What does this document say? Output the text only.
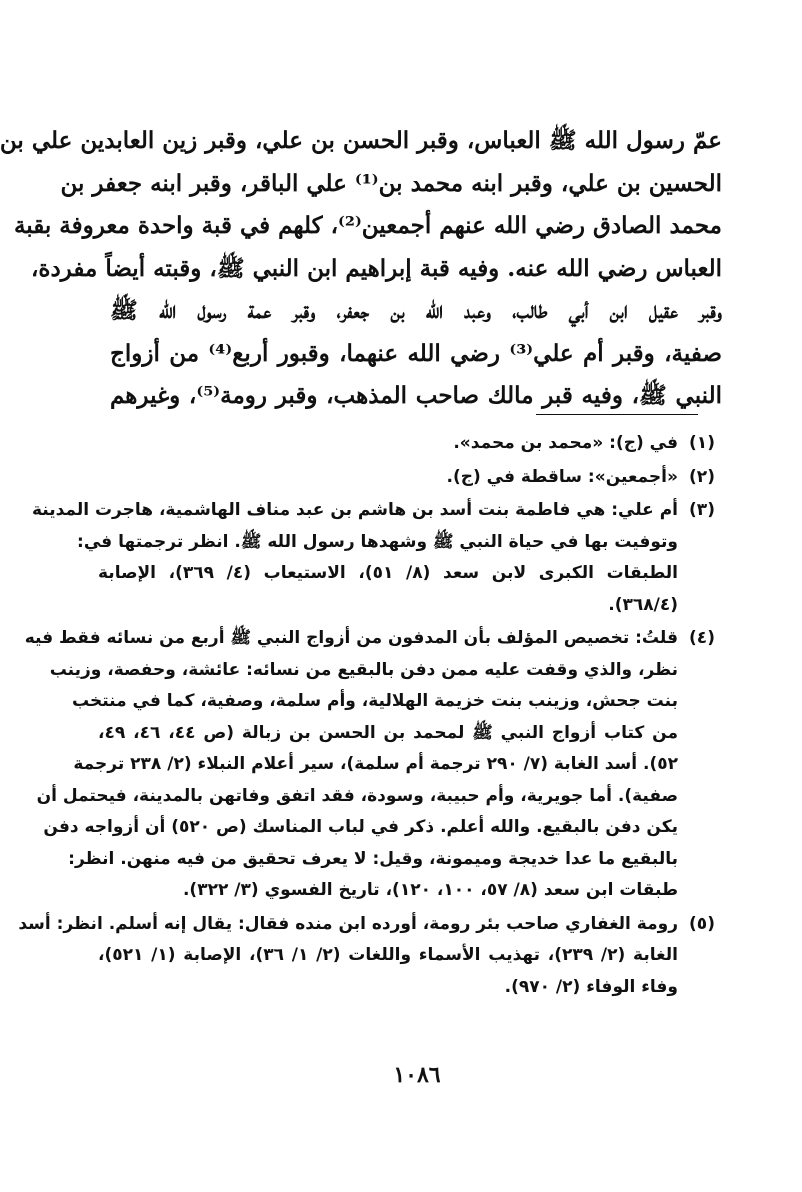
عمّ رسول الله ﷺ العباس، وقبر الحسن بن علي، وقبر زين العابدين علي بن
الحسين بن علي، وقبر ابنه محمد بن⁽¹⁾ علي الباقر، وقبر ابنه جعفر بن
محمد الصادق رضي الله عنهم أجمعين⁽²⁾، كلهم في قبة واحدة معروفة بقبة
العباس رضي الله عنه. وفيه قبة إبراهيم ابن النبي ﷺ، وقبته أيضاً مفردة،
وقبر عقيل ابن أبي طالب، وعبد الله بن جعفر، وقبر عمة رسول الله ﷺ
صفية، وقبر أم علي⁽³⁾ رضي الله عنهما، وقبور أربع⁽⁴⁾ من أزواج
النبي ﷺ، وفيه قبر مالك صاحب المذهب، وقبر رومة⁽⁵⁾، وغيرهم
(١)
في (ج): «محمد بن محمد».
(٢)
«أجمعين»: ساقطة في (ج).
(٣)
أم علي: هي فاطمة بنت أسد بن هاشم بن عبد مناف الهاشمية، هاجرت المدينة
وتوفيت بها في حياة النبي ﷺ وشهدها رسول الله ﷺ. انظر ترجمتها في:
الطبقات الكبرى لابن سعد (٨/ ٥١)، الاستيعاب (٤/ ٣٦٩)، الإصابة
(٣٦٨/٤).
(٤)
قلتُ: تخصيص المؤلف بأن المدفون من أزواج النبي ﷺ أربع من نسائه فقط فيه
نظر، والذي وقفت عليه ممن دفن بالبقيع من نسائه: عائشة، وحفصة، وزينب
بنت جحش، وزينب بنت خزيمة الهلالية، وأم سلمة، وصفية، كما في منتخب
من كتاب أزواج النبي ﷺ لمحمد بن الحسن بن زبالة (ص ٤٤، ٤٦، ٤٩،
٥٢). أسد الغابة (٧/ ٢٩٠ ترجمة أم سلمة)، سير أعلام النبلاء (٢/ ٢٣٨ ترجمة
صفية). أما جويرية، وأم حبيبة، وسودة، فقد اتفق وفاتهن بالمدينة، فيحتمل أن
يكن دفن بالبقيع. والله أعلم. ذكر في لباب المناسك (ص ٥٢٠) أن أزواجه دفن
بالبقيع ما عدا خديجة وميمونة، وقيل: لا يعرف تحقيق من فيه منهن. انظر:
طبقات ابن سعد (٨/ ٥٧، ١٠٠، ١٢٠)، تاريخ الفسوي (٣/ ٣٢٢).
(٥)
رومة الغفاري صاحب بئر رومة، أورده ابن منده فقال: يقال إنه أسلم. انظر: أسد
الغابة (٢/ ٢٣٩)، تهذيب الأسماء واللغات (٢/ ١/ ٣٦)، الإصابة (١/ ٥٢١)،
وفاء الوفاء (٢/ ٩٧٠).
١٠٨٦
